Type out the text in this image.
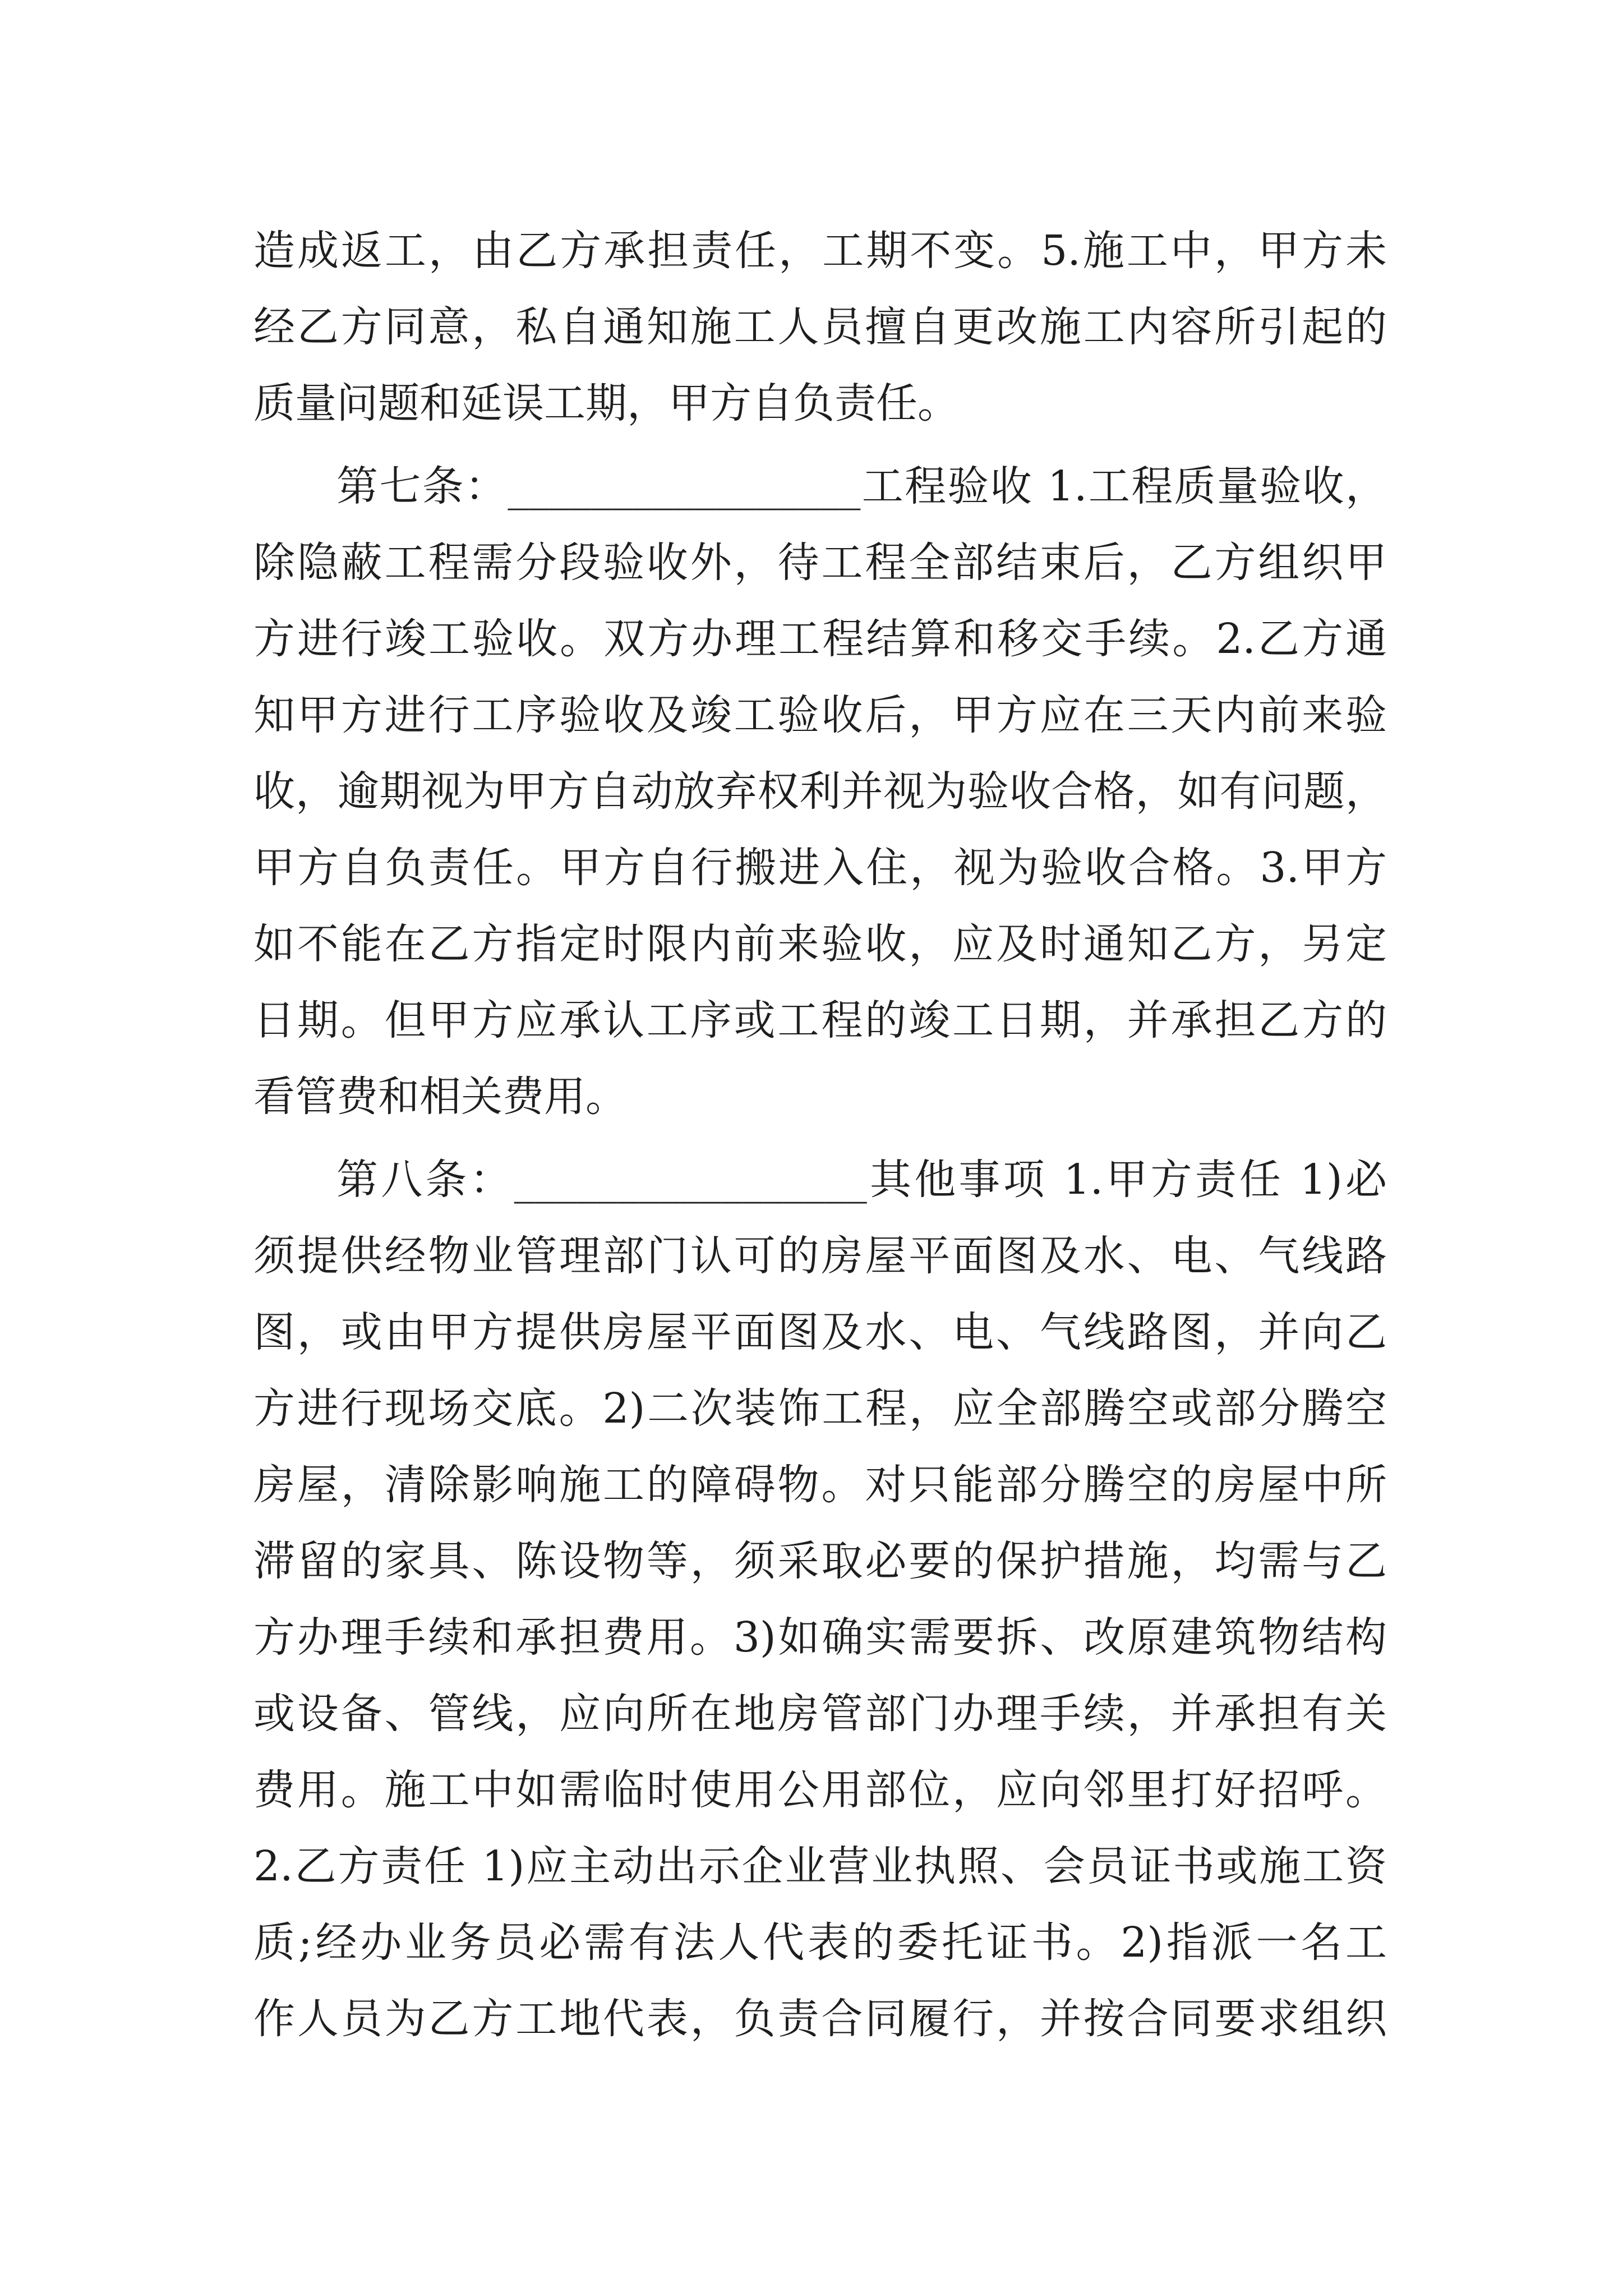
造成返工，由乙方承担责任，工期不变。5.施工中，甲方未
经乙方同意，私自通知施工人员擅自更改施工内容所引起的
质量问题和延误工期，甲方自负责任。
第七条：_________________工程验收 1.工程质量验收，
除隐蔽工程需分段验收外，待工程全部结束后，乙方组织甲
方进行竣工验收。双方办理工程结算和移交手续。2.乙方通
知甲方进行工序验收及竣工验收后，甲方应在三天内前来验
收，逾期视为甲方自动放弃权利并视为验收合格，如有问题，
甲方自负责任。甲方自行搬进入住，视为验收合格。3.甲方
如不能在乙方指定时限内前来验收，应及时通知乙方，另定
日期。但甲方应承认工序或工程的竣工日期，并承担乙方的
看管费和相关费用。
第八条：_________________其他事项 1.甲方责任 1)必
须提供经物业管理部门认可的房屋平面图及水、电、气线路
图，或由甲方提供房屋平面图及水、电、气线路图，并向乙
方进行现场交底。2)二次装饰工程，应全部腾空或部分腾空
房屋，清除影响施工的障碍物。对只能部分腾空的房屋中所
滞留的家具、陈设物等，须采取必要的保护措施，均需与乙
方办理手续和承担费用。3)如确实需要拆、改原建筑物结构
或设备、管线，应向所在地房管部门办理手续，并承担有关
费用。施工中如需临时使用公用部位，应向邻里打好招呼。
2.乙方责任 1)应主动出示企业营业执照、会员证书或施工资
质;经办业务员必需有法人代表的委托证书。2)指派一名工
作人员为乙方工地代表，负责合同履行，并按合同要求组织
